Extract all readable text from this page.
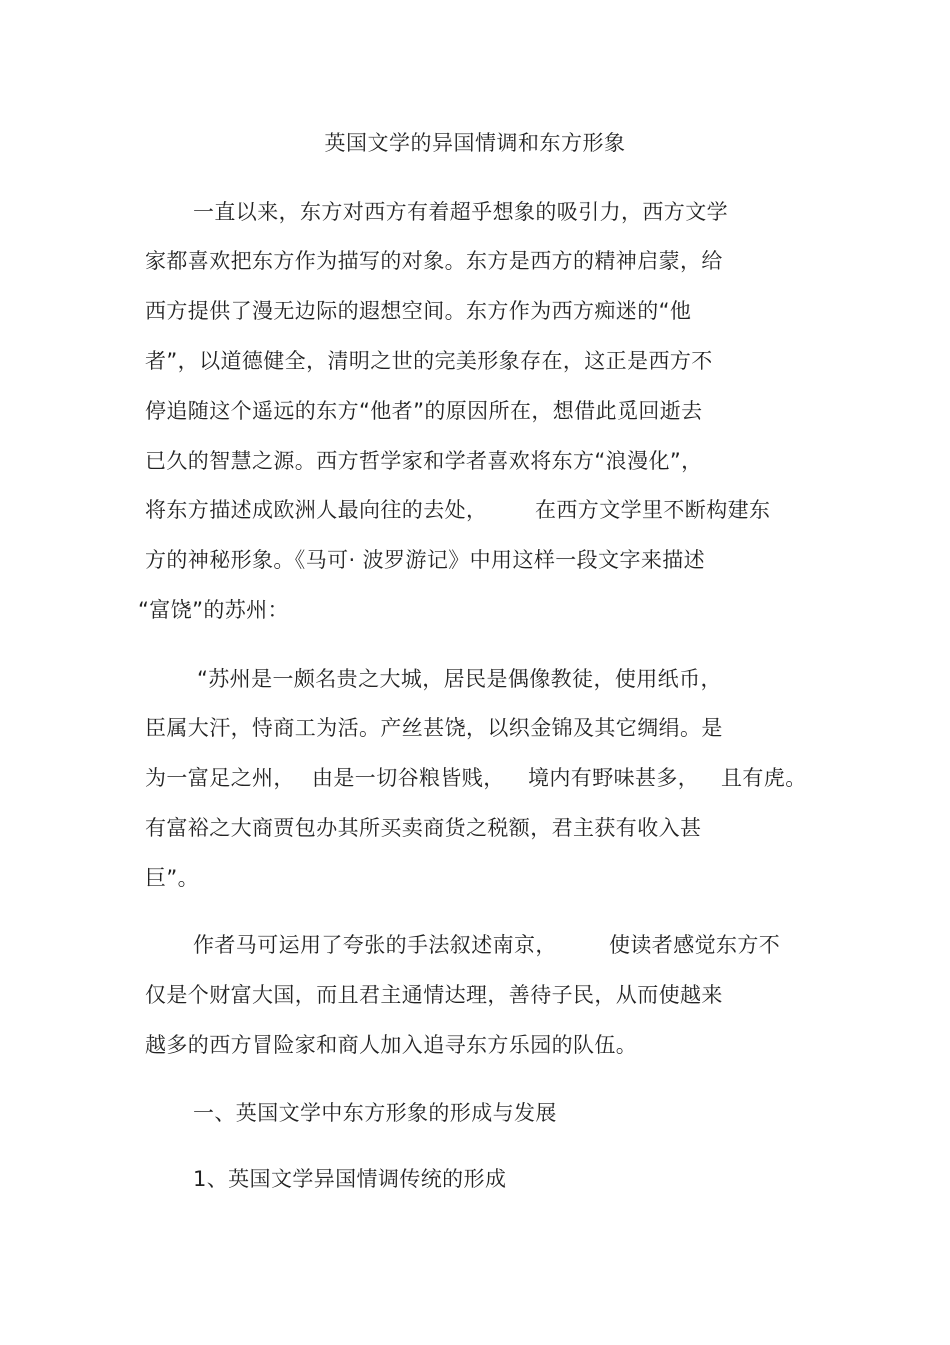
英国文学的异国情调和东方形象
一直以来，东方对西方有着超乎想象的吸引力，西方文学
家都喜欢把东方作为描写的对象。东方是西方的精神启蒙，给
西方提供了漫无边际的遐想空间。东方作为西方痴迷的“他
者”，以道德健全，清明之世的完美形象存在，这正是西方不
停追随这个遥远的东方“他者”的原因所在，想借此觅回逝去
已久的智慧之源。西方哲学家和学者喜欢将东方“浪漫化”，
将东方描述成欧洲人最向往的去处， 在西方文学里不断构建东
方的神秘形象。《马可· 波罗游记》中用这样一段文字来描述
“富饶”的苏州：
“苏州是一颇名贵之大城，居民是偶像教徒，使用纸币，
臣属大汗，恃商工为活。产丝甚饶，以织金锦及其它绸绢。是
为一富足之州， 由是一切谷粮皆贱， 境内有野味甚多， 且有虎。
有富裕之大商贾包办其所买卖商货之税额，君主获有收入甚
巨”。
作者马可运用了夸张的手法叙述南京， 使读者感觉东方不
仅是个财富大国，而且君主通情达理，善待子民，从而使越来
越多的西方冒险家和商人加入追寻东方乐园的队伍。
一、英国文学中东方形象的形成与发展
1、英国文学异国情调传统的形成
